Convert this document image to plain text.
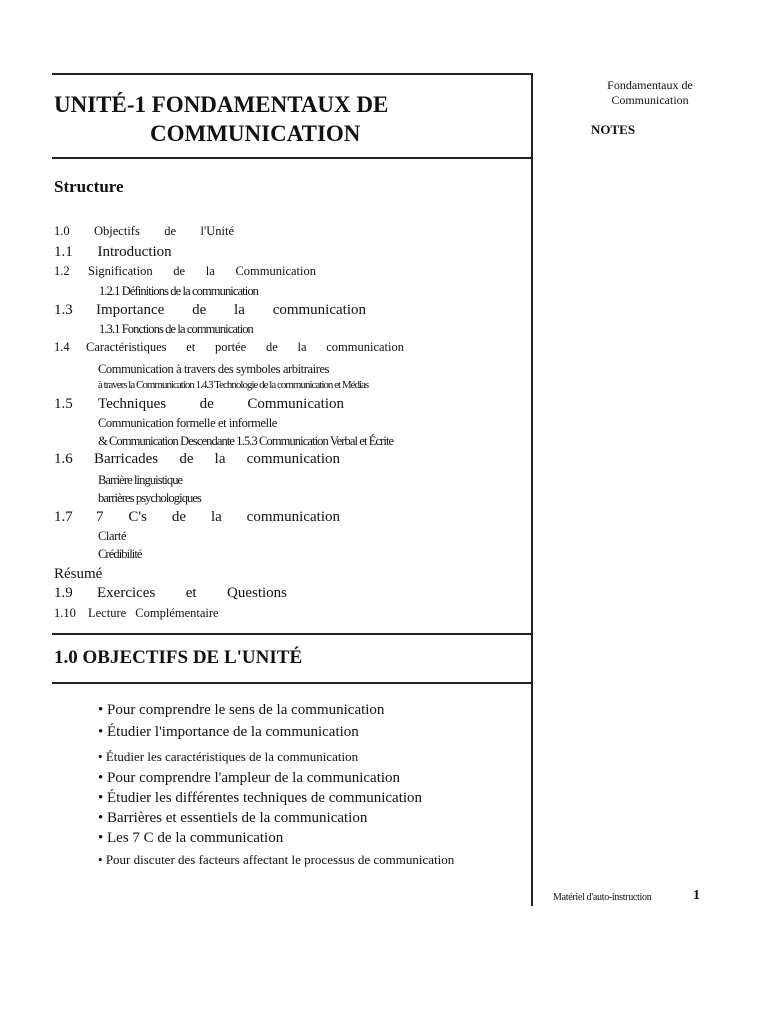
Fondamentaux de
Communication
NOTES
Matériel d'auto-instruction	1
UNITÉ-1 FONDAMENTAUX DE
COMMUNICATION
Structure
1.0 Objectifs de l'Unité
1.1 Introduction
1.2 Signification de la Communication
1.2.1 Définitions de la communication
1.3 Importance de la communication
1.3.1 Fonctions de la communication
1.4 Caractéristiques et portée de la communication
Communication à travers des symboles arbitraires
à travers la Communication 1.4.3 Technologie de la communication et Médias
1.5 Techniques de Communication
Communication formelle et informelle
& Communication Descendante 1.5.3 Communication Verbal et Écrite
1.6 Barricades de la communication
Barrière linguistique
barrières psychologiques
1.7 7 C's de la communication
Clarté
Crédibilité
Résumé
1.9 Exercices et Questions
1.10 Lecture Complémentaire
1.0 OBJECTIFS DE L'UNITÉ
• Pour comprendre le sens de la communication
• Étudier l'importance de la communication
• Étudier les caractéristiques de la communication
• Pour comprendre l'ampleur de la communication
• Étudier les différentes techniques de communication
• Barrières et essentiels de la communication
• Les 7 C de la communication
• Pour discuter des facteurs affectant le processus de communication
